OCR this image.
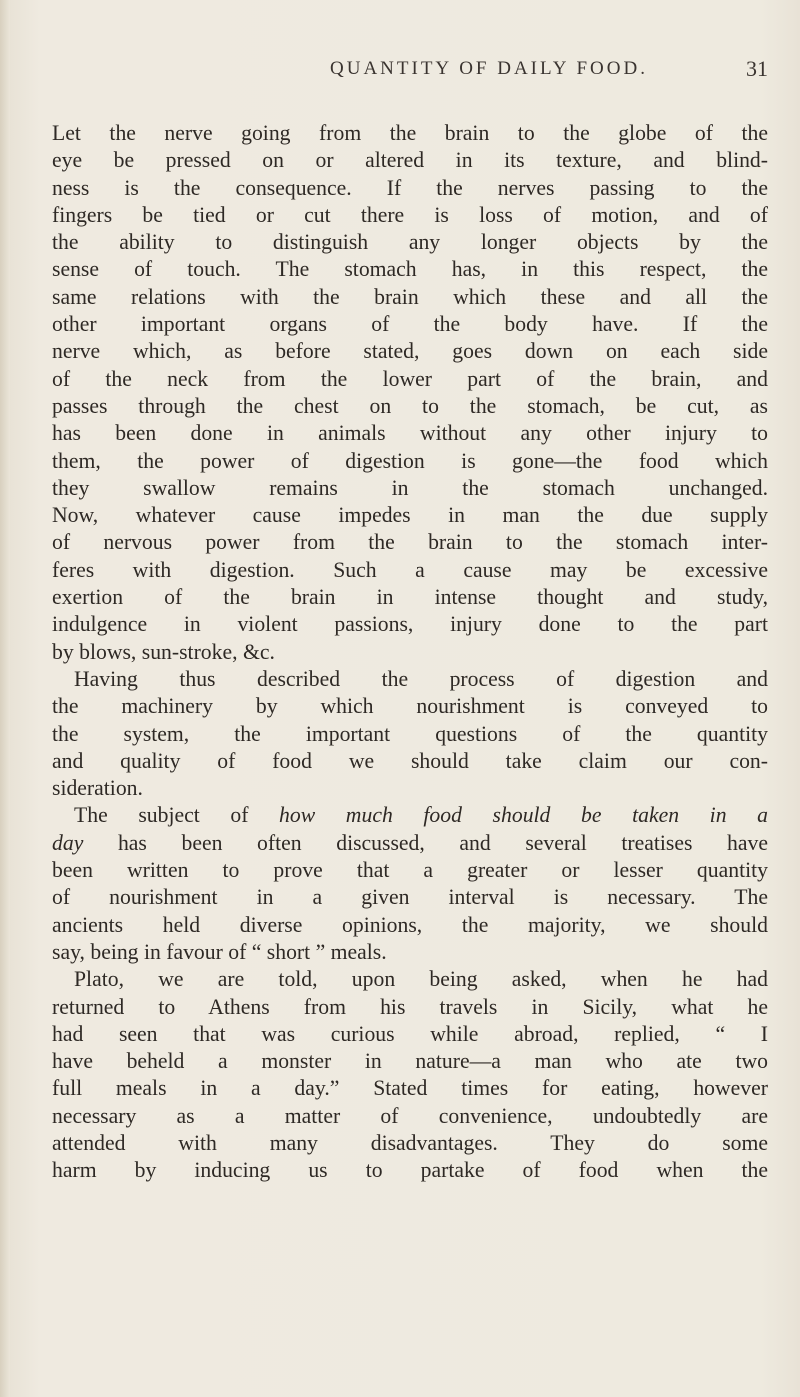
QUANTITY OF DAILY FOOD.	31
Let the nerve going from the brain to the globe of the
eye be pressed on or altered in its texture, and blind-
ness is the consequence. If the nerves passing to the
fingers be tied or cut there is loss of motion, and of
the ability to distinguish any longer objects by the
sense of touch. The stomach has, in this respect, the
same relations with the brain which these and all the
other important organs of the body have. If the
nerve which, as before stated, goes down on each side
of the neck from the lower part of the brain, and
passes through the chest on to the stomach, be cut, as
has been done in animals without any other injury to
them, the power of digestion is gone—the food which
they swallow remains in the stomach unchanged.
Now, whatever cause impedes in man the due supply
of nervous power from the brain to the stomach inter-
feres with digestion. Such a cause may be excessive
exertion of the brain in intense thought and study,
indulgence in violent passions, injury done to the part
by blows, sun-stroke, &c.
Having thus described the process of digestion and
the machinery by which nourishment is conveyed to
the system, the important questions of the quantity
and quality of food we should take claim our con-
sideration.
The subject of how much food should be taken in a
day has been often discussed, and several treatises have
been written to prove that a greater or lesser quantity
of nourishment in a given interval is necessary. The
ancients held diverse opinions, the majority, we should
say, being in favour of “ short ” meals.
Plato, we are told, upon being asked, when he had
returned to Athens from his travels in Sicily, what he
had seen that was curious while abroad, replied, “ I
have beheld a monster in nature—a man who ate two
full meals in a day.” Stated times for eating, however
necessary as a matter of convenience, undoubtedly are
attended with many disadvantages. They do some
harm by inducing us to partake of food when the
